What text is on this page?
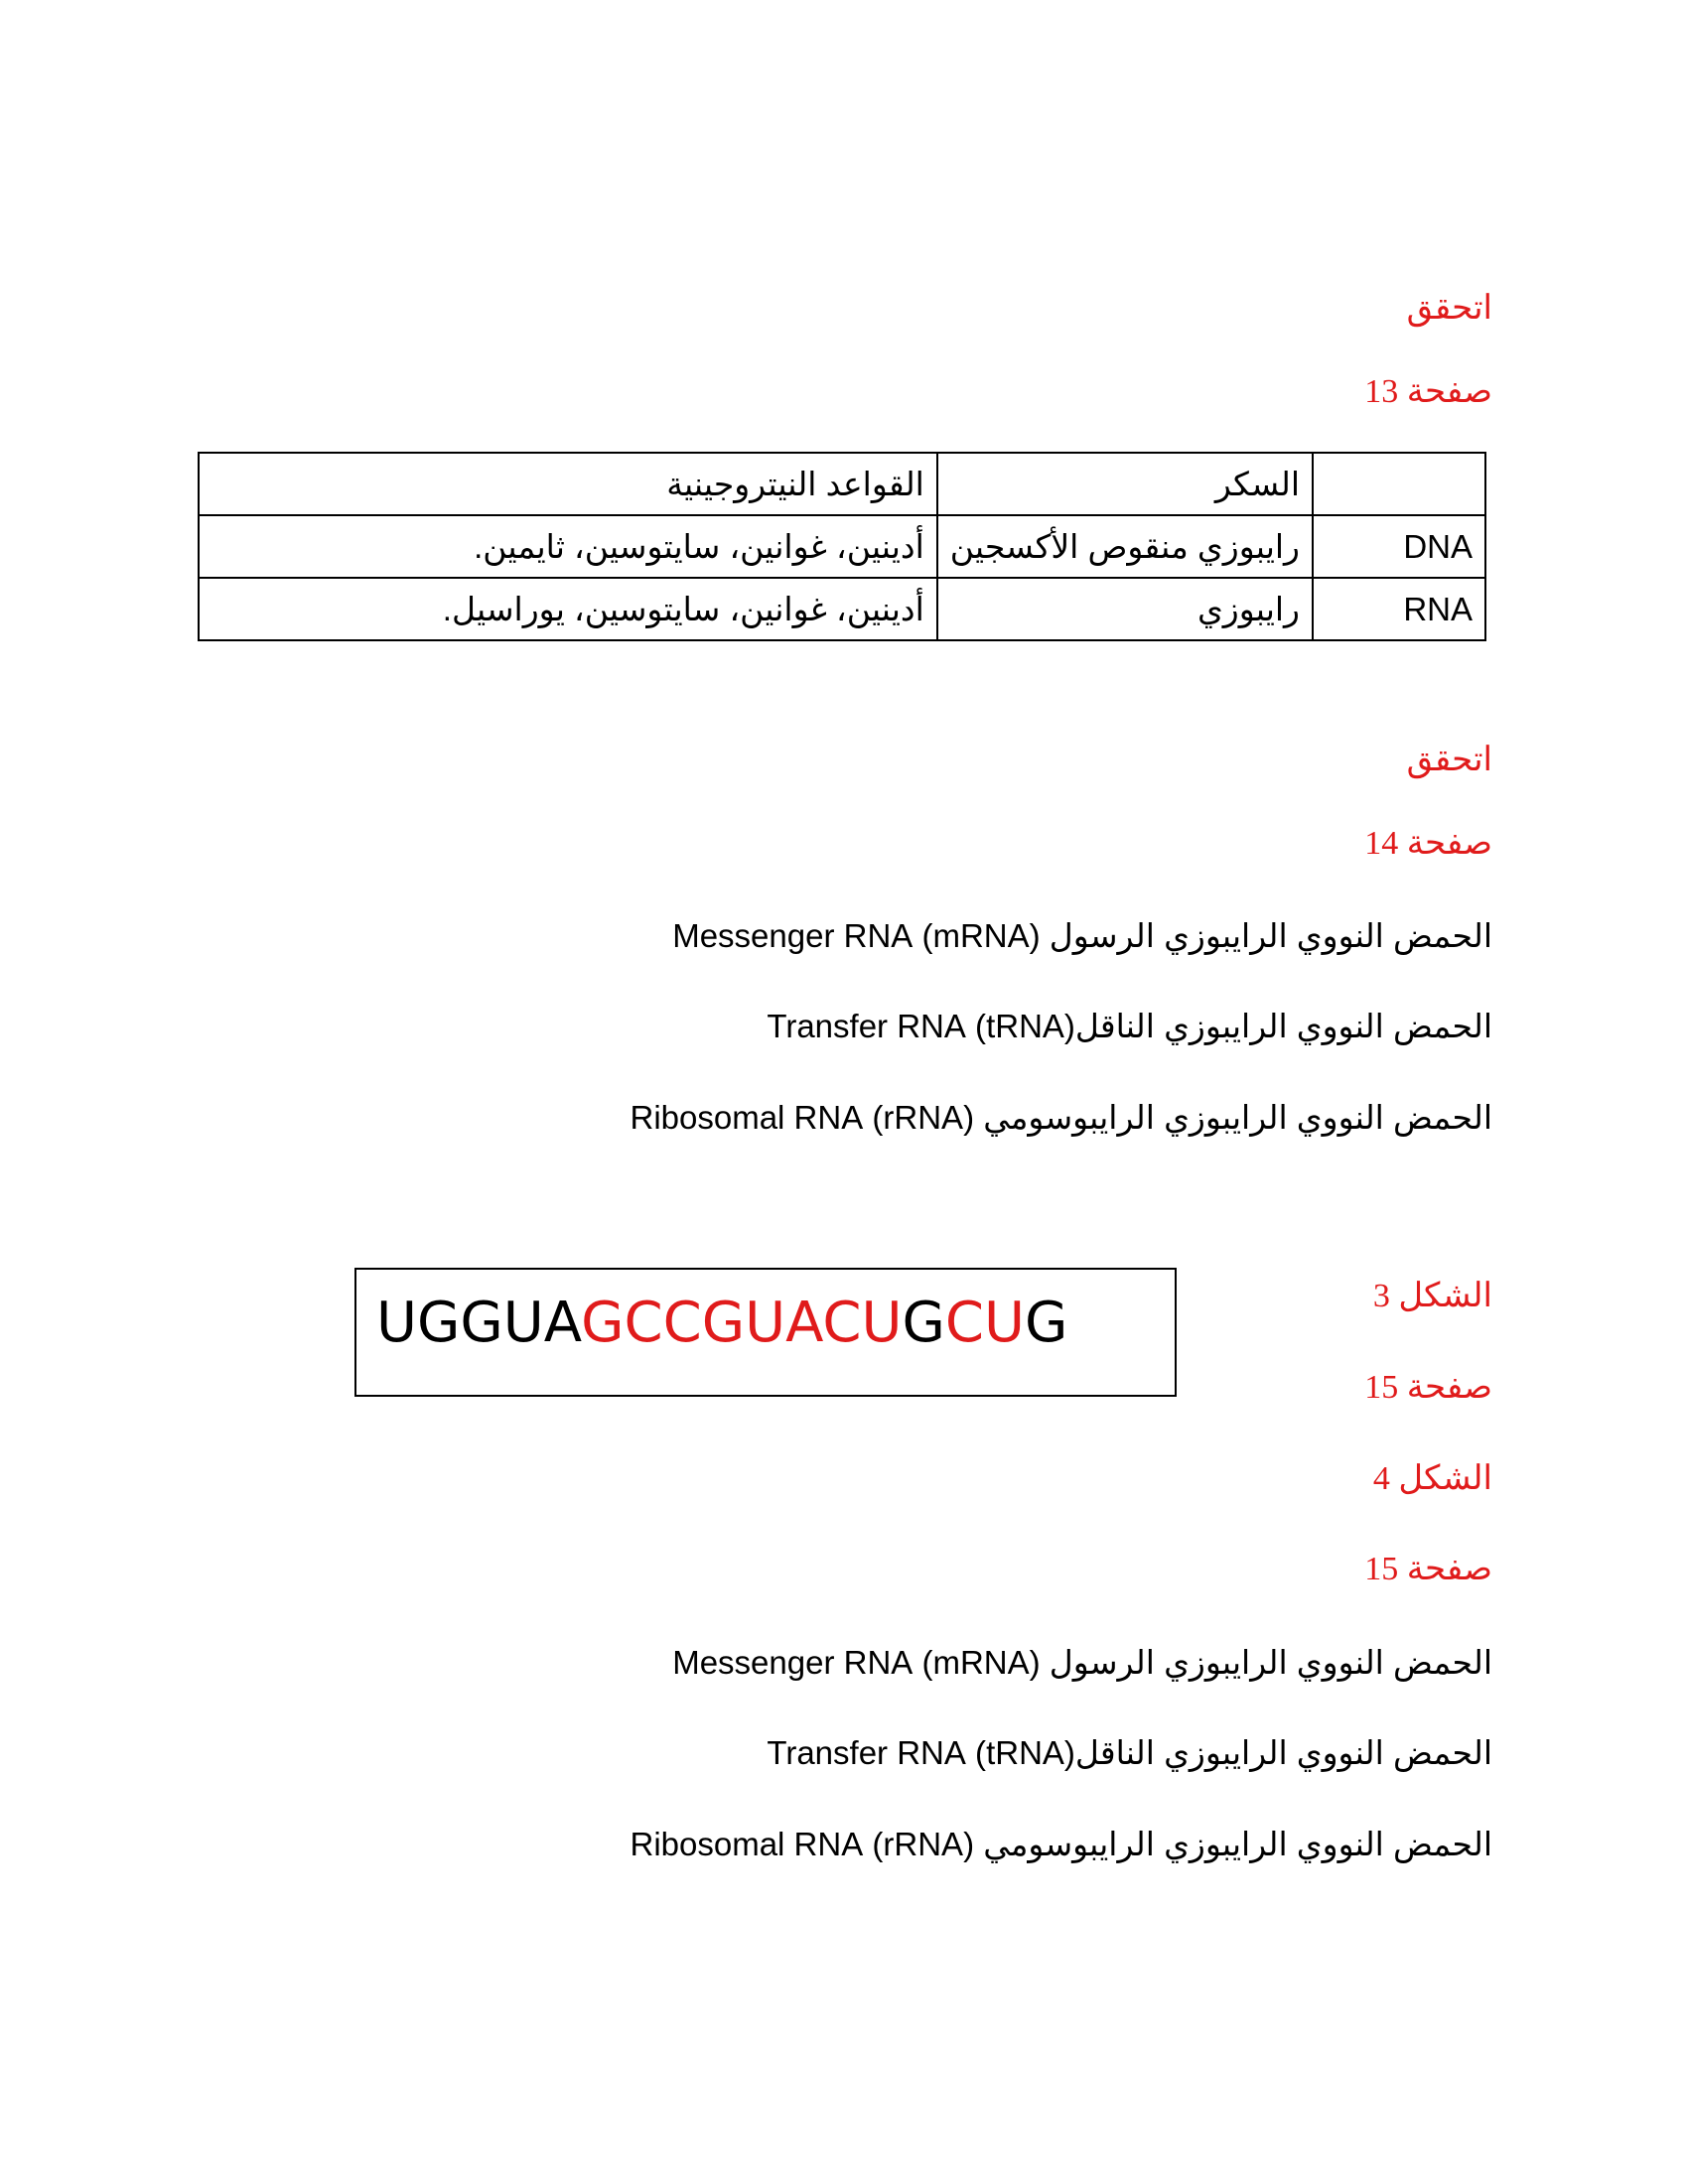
اتحقق
صفحة 13
	السكر	القواعد النيتروجينية
DNA	رايبوزي منقوص الأكسجين	أدينين، غوانين، سايتوسين، ثايمين.
RNA	رايبوزي	أدينين، غوانين، سايتوسين، يوراسيل.
اتحقق
صفحة 14
الحمض النووي الرايبوزي الرسول (mRNA) Messenger RNA
الحمض النووي الرايبوزي الناقل(tRNA) Transfer RNA
الحمض النووي الرايبوزي الرايبوسومي (rRNA) Ribosomal RNA
الشكل 3
UGGUAGCCGUACUGCUG
صفحة 15
الشكل 4
صفحة 15
الحمض النووي الرايبوزي الرسول (mRNA) Messenger RNA
الحمض النووي الرايبوزي الناقل(tRNA) Transfer RNA
الحمض النووي الرايبوزي الرايبوسومي (rRNA) Ribosomal RNA
